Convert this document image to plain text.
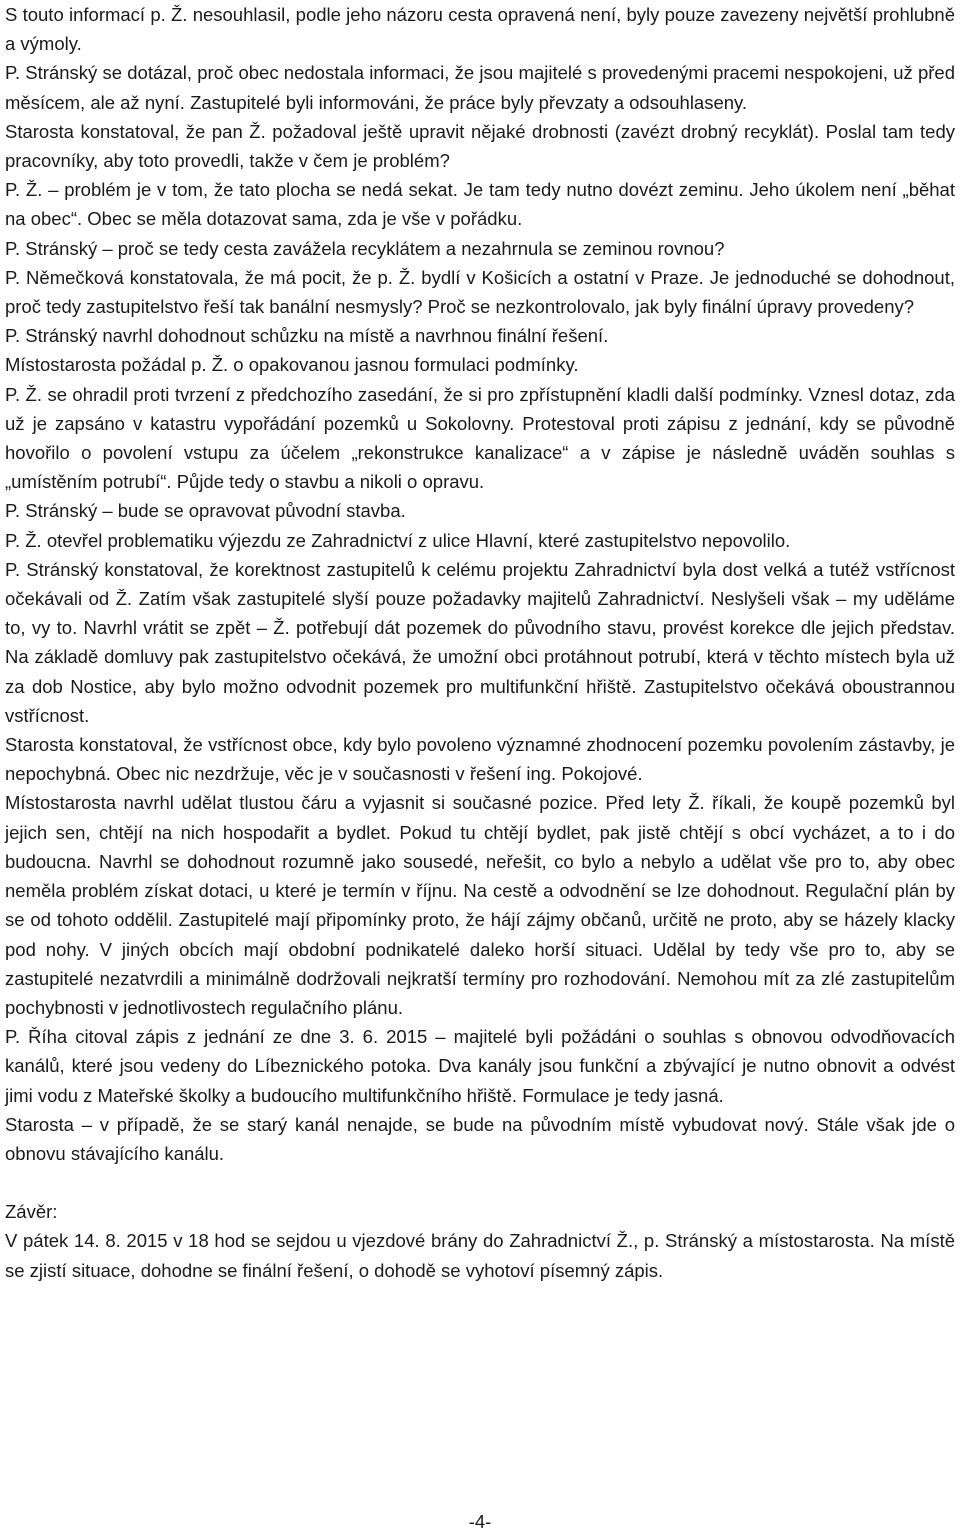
S touto informací p. Ž. nesouhlasil, podle jeho názoru cesta opravená není, byly pouze zavezeny největší prohlubně a výmoly.

P. Stránský se dotázal, proč obec nedostala informaci, že jsou majitelé s provedenými pracemi nespokojeni, už před měsícem, ale až nyní. Zastupitelé byli informováni, že práce byly převzaty a odsouhlaseny.

Starosta konstatoval, že pan Ž. požadoval ještě upravit nějaké drobnosti (zavézt drobný recyklát). Poslal tam tedy pracovníky, aby toto provedli, takže v čem je problém?

P. Ž. – problém je v tom, že tato plocha se nedá sekat. Je tam tedy nutno dovézt zeminu. Jeho úkolem není „běhat na obec“. Obec se měla dotazovat sama, zda je vše v pořádku.

P. Stránský – proč se tedy cesta zavážela recyklátem a nezahrnula se zeminou rovnou?

P. Němečková konstatovala, že má pocit, že p. Ž. bydlí v Košicích a ostatní v Praze. Je jednoduché se dohodnout, proč tedy zastupitelstvo řeší tak banální nesmysly? Proč se nezkontrolovalo, jak byly finální úpravy provedeny?

P. Stránský navrhl dohodnout schůzku na místě a navrhnou finální řešení.

Místostarosta požádal p. Ž. o opakovanou jasnou formulaci podmínky.

P. Ž. se ohradil proti tvrzení z předchozího zasedání, že si pro zpřístupnění kladli další podmínky. Vznesl dotaz, zda už je zapsáno v katastru vypořádání pozemků u Sokolovny. Protestoval proti zápisu z jednání, kdy se původně hovořilo o povolení vstupu za účelem „rekonstrukce kanalizace“ a v zápise je následně uváděn souhlas s „umístěním potrubí“. Půjde tedy o stavbu a nikoli o opravu.

P. Stránský – bude se opravovat původní stavba.

P. Ž. otevřel problematiku výjezdu ze Zahradnictví z ulice Hlavní, které zastupitelstvo nepovolilo.

P. Stránský konstatoval, že korektnost zastupitelů k celému projektu Zahradnictví byla dost velká a tutéž vstřícnost očekávali od Ž. Zatím však zastupitelé slyší pouze požadavky majitelů Zahradnictví. Neslyšeli však – my uděláme to, vy to. Navrhl vrátit se zpět – Ž. potřebují dát pozemek do původního stavu, provést korekce dle jejich představ. Na základě domluvy pak zastupitelstvo očekává, že umožní obci protáhnout potrubí, která v těchto místech byla už za dob Nostice, aby bylo možno odvodnit pozemek pro multifunkční hřiště. Zastupitelstvo očekává oboustrannou vstřícnost.

Starosta konstatoval, že vstřícnost obce, kdy bylo povoleno významné zhodnocení pozemku povolením zástavby, je nepochybná. Obec nic nezdržuje, věc je v současnosti v řešení ing. Pokojové.

Místostarosta navrhl udělat tlustou čáru a vyjasnit si současné pozice. Před lety Ž. říkali, že koupě pozemků byl jejich sen, chtějí na nich hospodařit a bydlet. Pokud tu chtějí bydlet, pak jistě chtějí s obcí vycházet, a to i do budoucna. Navrhl se dohodnout rozumně jako sousedé, neřešit, co bylo a nebylo a udělat vše pro to, aby obec neměla problém získat dotaci, u které je termín v říjnu. Na cestě a odvodnění se lze dohodnout. Regulační plán by se od tohoto oddělil. Zastupitelé mají připomínky proto, že hájí zájmy občanů, určitě ne proto, aby se házely klacky pod nohy. V jiných obcích mají obdobní podnikatelé daleko horší situaci. Udělal by tedy vše pro to, aby se zastupitelé nezatvrdili a minimálně dodržovali nejkratší termíny pro rozhodování. Nemohou mít za zlé zastupitelům pochybnosti v jednotlivostech regulačního plánu.

P. Říha citoval zápis z jednání ze dne 3. 6. 2015 – majitelé byli požádáni o souhlas s obnovou odvodňovacích kanálů, které jsou vedeny do Líbeznického potoka. Dva kanály jsou funkční a zbývající je nutno obnovit a odvést jimi vodu z Mateřské školky a budoucího multifunkčního hřiště. Formulace je tedy jasná.

Starosta – v případě, že se starý kanál nenajde, se bude na původním místě vybudovat nový. Stále však jde o obnovu stávajícího kanálu.

Závěr:

V pátek 14. 8. 2015 v 18 hod se sejdou u vjezdové brány do Zahradnictví Ž., p. Stránský a místostarosta. Na místě se zjistí situace, dohodne se finální řešení, o dohodě se vyhotoví písemný zápis.

-4-
